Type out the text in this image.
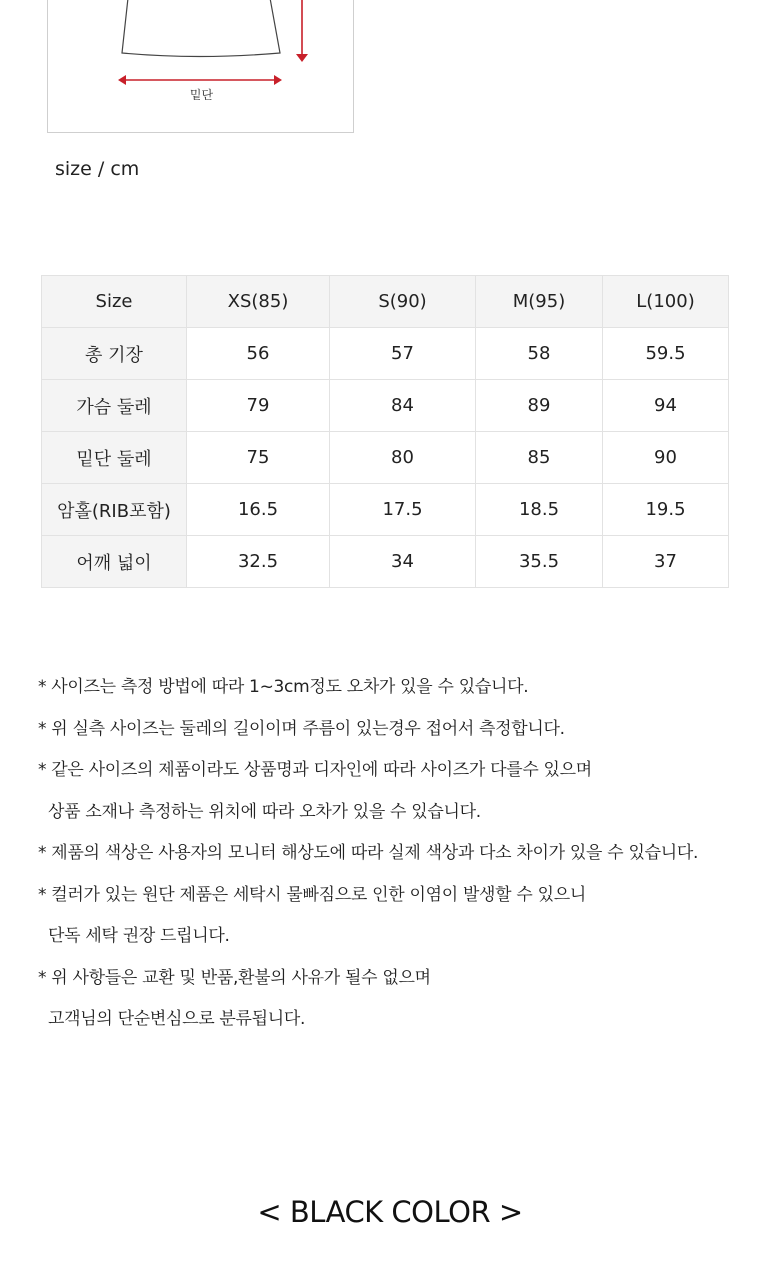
밑단
size / cm
Size	XS(85)	S(90)	M(95)	L(100)
총 기장	56	57	58	59.5
가슴 둘레	79	84	89	94
밑단 둘레	75	80	85	90
암홀(RIB포함)	16.5	17.5	18.5	19.5
어깨 넓이	32.5	34	35.5	37
* 사이즈는 측정 방법에 따라 1~3cm정도 오차가 있을 수 있습니다.
* 위 실측 사이즈는 둘레의 길이이며 주름이 있는경우 접어서 측정합니다.
* 같은 사이즈의 제품이라도 상품명과 디자인에 따라 사이즈가 다를수 있으며
상품 소재나 측정하는 위치에 따라 오차가 있을 수 있습니다.
* 제품의 색상은 사용자의 모니터 해상도에 따라 실제 색상과 다소 차이가 있을 수 있습니다.
* 컬러가 있는 원단 제품은 세탁시 물빠짐으로 인한 이염이 발생할 수 있으니
단독 세탁 권장 드립니다.
* 위 사항들은 교환 및 반품,환불의 사유가 될수 없으며
고객님의 단순변심으로 분류됩니다.
< BLACK COLOR >
